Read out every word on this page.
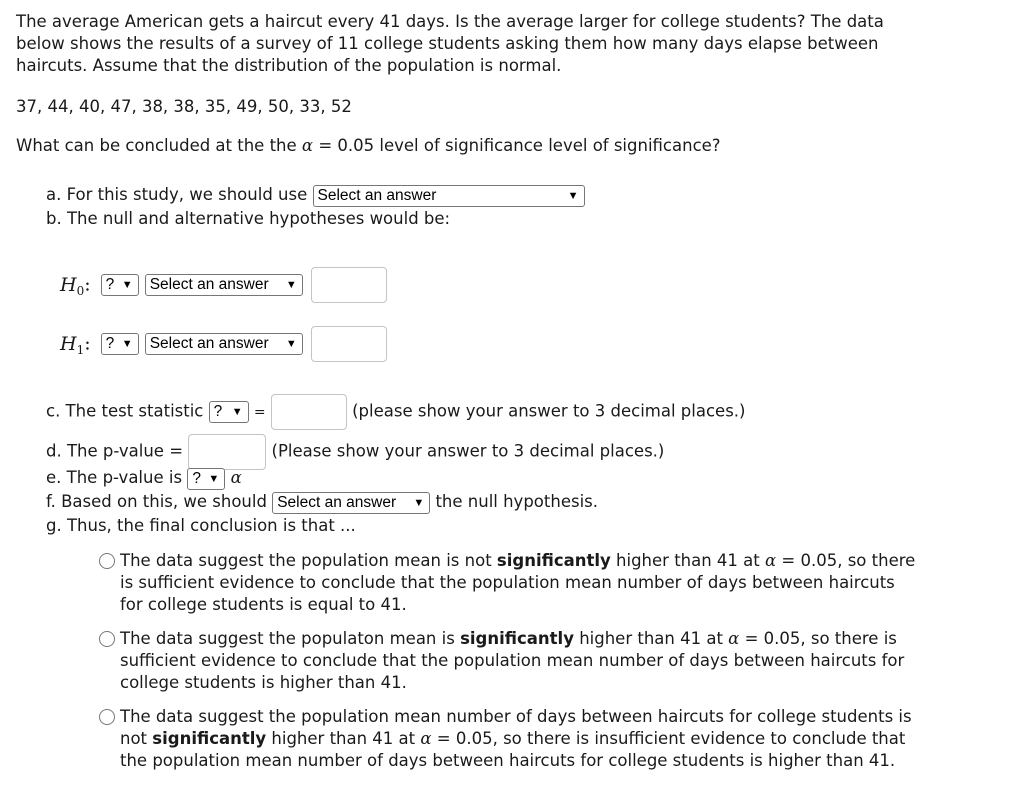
The average American gets a haircut every 41 days. Is the average larger for college students? The data below shows the results of a survey of 11 college students asking them how many days elapse between haircuts. Assume that the distribution of the population is normal.
37, 44, 40, 47, 38, 38, 35, 49, 50, 33, 52
What can be concluded at the the α = 0.05 level of significance level of significance?
a. For this study, we should use Select an answer	▼
b. The null and alternative hypotheses would be:
$H_0$: ? ▼ Select an answer ▼

$H_1$: ? ▼ Select an answer ▼

c. The test statistic ? ▼ =	(please show your answer to 3 decimal places.)
d. The p-value =	(Please show your answer to 3 decimal places.)
e. The p-value is ? ▼ α
f. Based on this, we should Select an answer ▼ the null hypothesis.
g. Thus, the final conclusion is that ...
The data suggest the population mean is not significantly higher than 41 at α = 0.05, so there is sufficient evidence to conclude that the population mean number of days between haircuts for college students is equal to 41.
The data suggest the populaton mean is significantly higher than 41 at α = 0.05, so there is sufficient evidence to conclude that the population mean number of days between haircuts for college students is higher than 41.
The data suggest the population mean number of days between haircuts for college students is not significantly higher than 41 at α = 0.05, so there is insufficient evidence to conclude that the population mean number of days between haircuts for college students is higher than 41.
